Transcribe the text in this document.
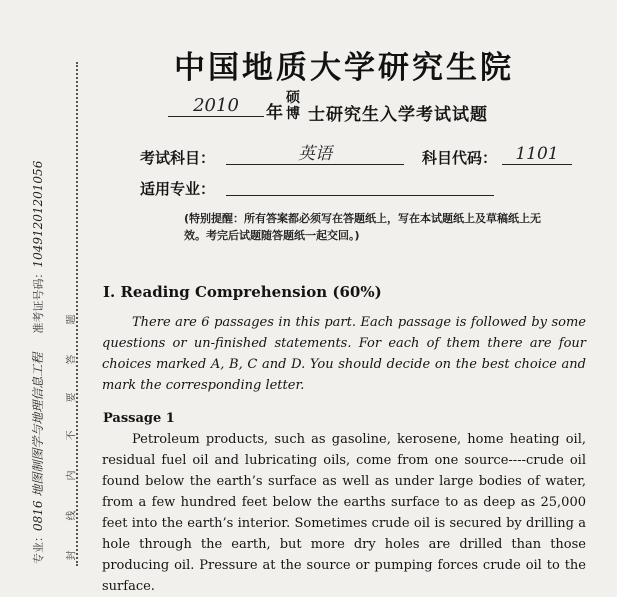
专业：0816 地图制图学与地理信息工程     准考证号码：10491201201056
封
线
内
不
要
答
题
中国地质大学研究生院
2010	年
硕
博 士研究生入学考试试题
考试科目：	英语	科目代码：	1101
适用专业：
(特别提醒：所有答案都必须写在答题纸上，写在本试题纸上及草稿纸上无效。考完后试题随答题纸一起交回。)
I. Reading Comprehension (60%)
There are 6 passages in this part. Each passage is followed by some questions or un-finished statements. For each of them there are four choices marked A, B, C and D. You should decide on the best choice and mark the corresponding letter.
Passage 1
Petroleum products, such as gasoline, kerosene, home heating oil, residual fuel oil and lubricating oils, come from one source----crude oil found below the earth’s surface as well as under large bodies of water, from a few hundred feet below the earths surface to as deep as 25,000 feet into the earth’s interior. Sometimes crude oil is secured by drilling a hole through the earth, but more dry holes are drilled than those producing oil. Pressure at the source or pumping forces crude oil to the surface.
